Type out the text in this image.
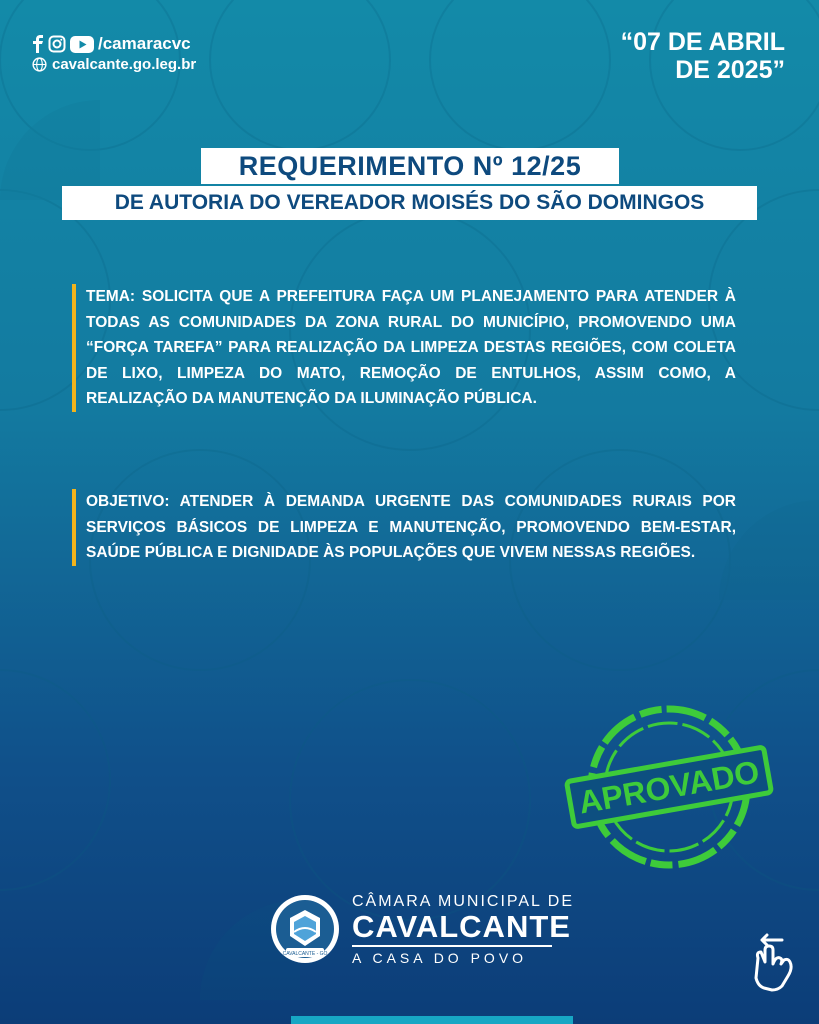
/camaracvc
cavalcante.go.leg.br
“07 DE ABRIL
DE 2025”
REQUERIMENTO Nº 12/25
DE AUTORIA DO VEREADOR MOISÉS DO SÃO DOMINGOS
TEMA: SOLICITA QUE A PREFEITURA FAÇA UM PLANEJAMENTO PARA ATENDER À TODAS AS COMUNIDADES DA ZONA RURAL DO MUNICÍPIO, PROMOVENDO UMA “FORÇA TAREFA” PARA REALIZAÇÃO DA LIMPEZA DESTAS REGIÕES, COM COLETA DE LIXO, LIMPEZA DO MATO, REMOÇÃO DE ENTULHOS, ASSIM COMO, A REALIZAÇÃO DA MANUTENÇÃO DA ILUMINAÇÃO PÚBLICA.
OBJETIVO: ATENDER À DEMANDA URGENTE DAS COMUNIDADES RURAIS POR SERVIÇOS BÁSICOS DE LIMPEZA E MANUTENÇÃO, PROMOVENDO BEM-ESTAR, SAÚDE PÚBLICA E DIGNIDADE ÀS POPULAÇÕES QUE VIVEM NESSAS REGIÕES.
APROVADO
CAVALCANTE - GO
CÂMARA MUNICIPAL DE
CAVALCANTE
A CASA DO POVO
